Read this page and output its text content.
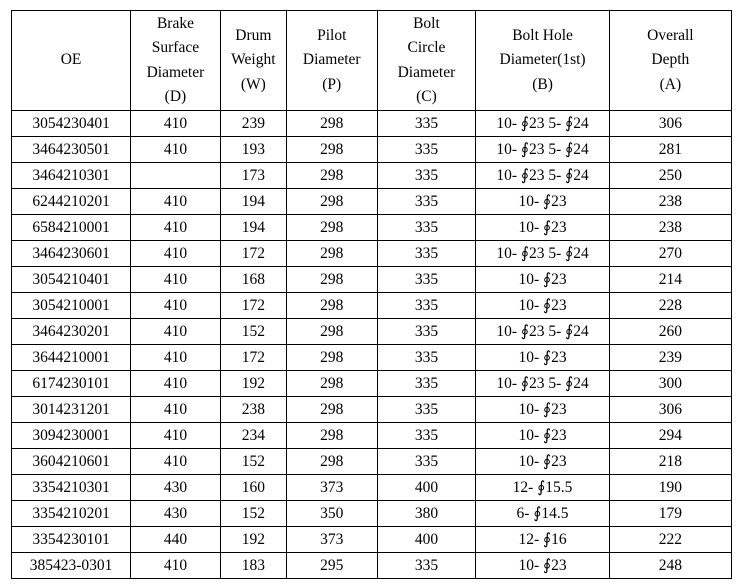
OE	Brake
Surface
Diameter
(D)	Drum
Weight
(W)	Pilot
Diameter
(P)	Bolt
Circle
Diameter
(C)	Bolt Hole
Diameter(1st)
(B)	Overall
Depth
(A)

3054230401	410	239	298	335	10- ∮23 5- ∮24	306
3464230501	410	193	298	335	10- ∮23 5- ∮24	281
3464210301		173	298	335	10- ∮23 5- ∮24	250
6244210201	410	194	298	335	10- ∮23	238
6584210001	410	194	298	335	10- ∮23	238
3464230601	410	172	298	335	10- ∮23 5- ∮24	270
3054210401	410	168	298	335	10- ∮23	214
3054210001	410	172	298	335	10- ∮23	228
3464230201	410	152	298	335	10- ∮23 5- ∮24	260
3644210001	410	172	298	335	10- ∮23	239
6174230101	410	192	298	335	10- ∮23 5- ∮24	300
3014231201	410	238	298	335	10- ∮23	306
3094230001	410	234	298	335	10- ∮23	294
3604210601	410	152	298	335	10- ∮23	218
3354210301	430	160	373	400	12- ∮15.5	190
3354210201	430	152	350	380	6- ∮14.5	179
3354230101	440	192	373	400	12- ∮16	222
385423-0301	410	183	295	335	10- ∮23	248
